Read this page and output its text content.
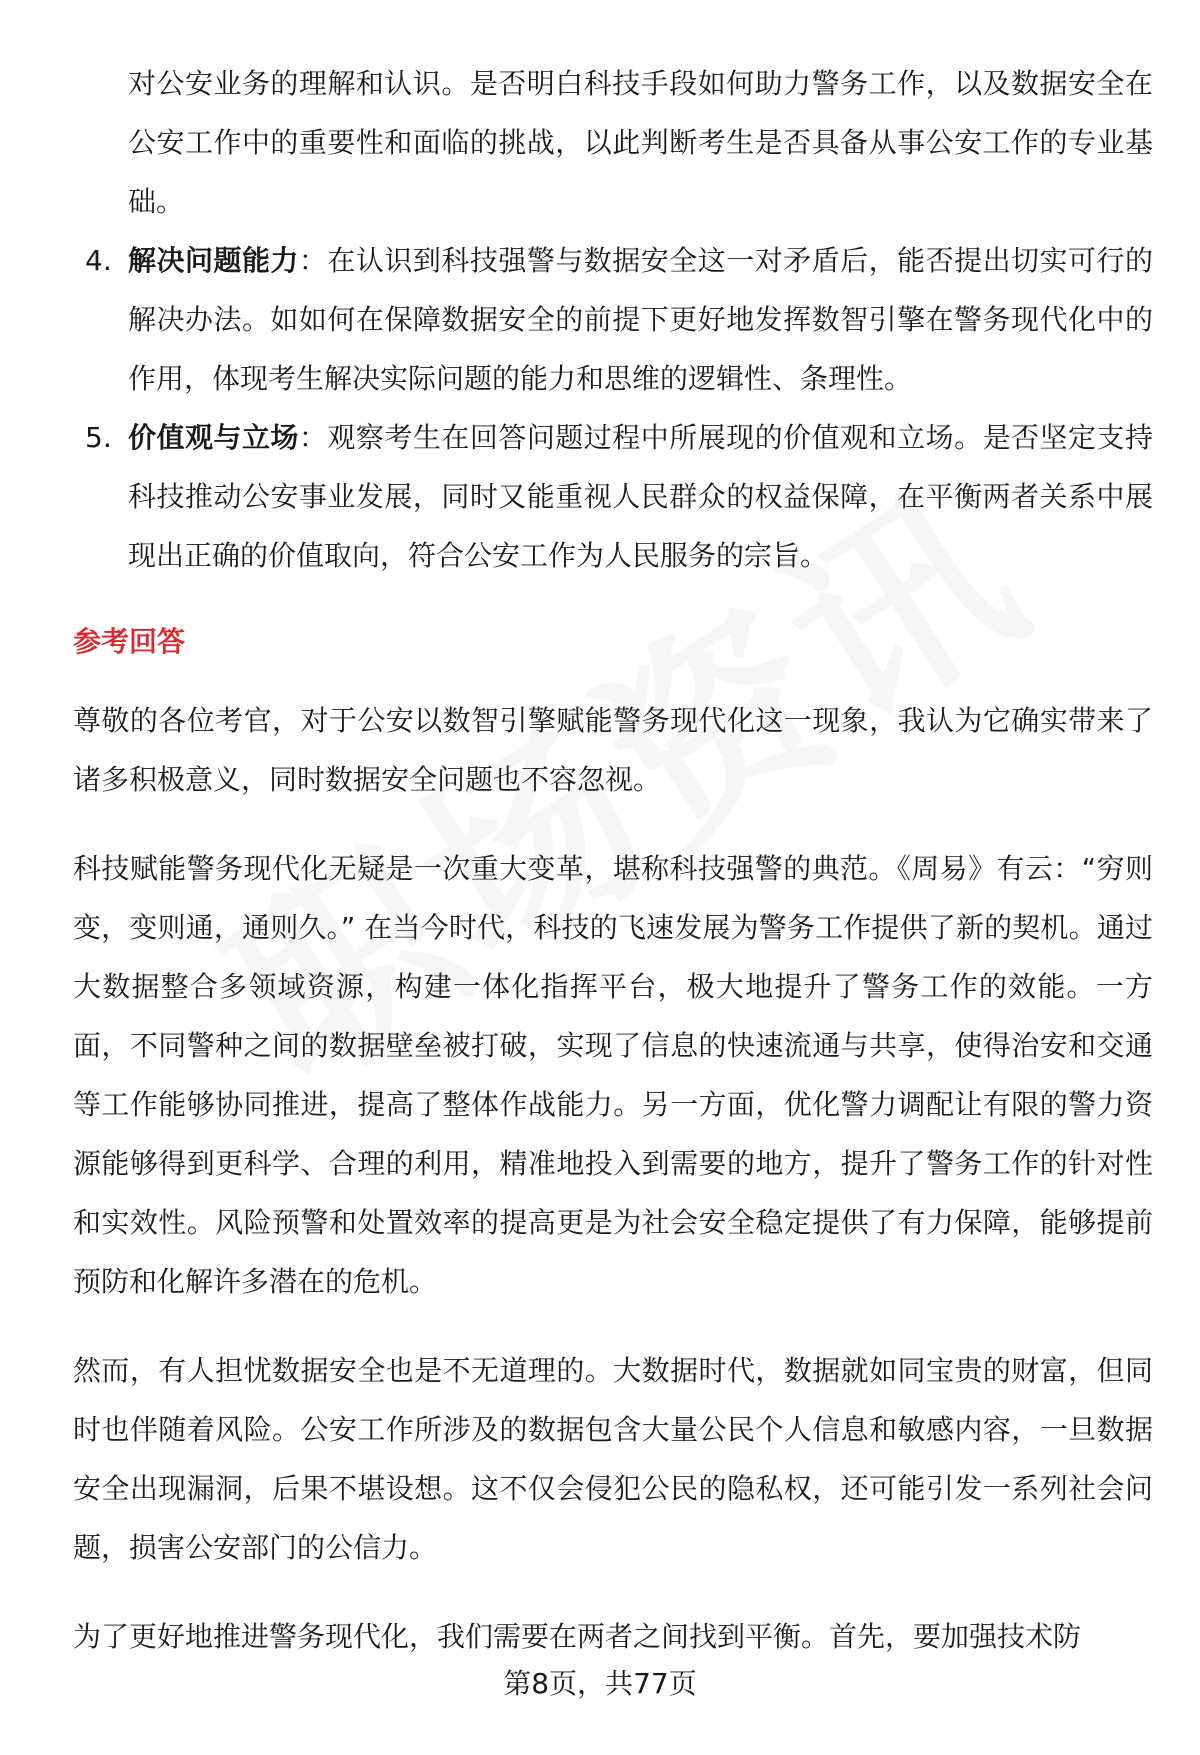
对公安业务的理解和认识。是否明白科技手段如何助力警务工作，以及数据安全在公安工作中的重要性和面临的挑战，以此判断考生是否具备从事公安工作的专业基础。

4. 解决问题能力：在认识到科技强警与数据安全这一对矛盾后，能否提出切实可行的解决办法。如如何在保障数据安全的前提下更好地发挥数智引擎在警务现代化中的作用，体现考生解决实际问题的能力和思维的逻辑性、条理性。
5. 价值观与立场：观察考生在回答问题过程中所展现的价值观和立场。是否坚定支持科技推动公安事业发展，同时又能重视人民群众的权益保障，在平衡两者关系中展现出正确的价值取向，符合公安工作为人民服务的宗旨。
参考回答

尊敬的各位考官，对于公安以数智引擎赋能警务现代化这一现象，我认为它确实带来了诸多积极意义，同时数据安全问题也不容忽视。

科技赋能警务现代化无疑是一次重大变革，堪称科技强警的典范。《周易》有云：“穷则变，变则通，通则久。” 在当今时代，科技的飞速发展为警务工作提供了新的契机。通过大数据整合多领域资源，构建一体化指挥平台，极大地提升了警务工作的效能。一方面，不同警种之间的数据壁垒被打破，实现了信息的快速流通与共享，使得治安和交通等工作能够协同推进，提高了整体作战能力。另一方面，优化警力调配让有限的警力资源能够得到更科学、合理的利用，精准地投入到需要的地方，提升了警务工作的针对性和实效性。风险预警和处置效率的提高更是为社会安全稳定提供了有力保障，能够提前预防和化解许多潜在的危机。

然而，有人担忧数据安全也是不无道理的。大数据时代，数据就如同宝贵的财富，但同时也伴随着风险。公安工作所涉及的数据包含大量公民个人信息和敏感内容，一旦数据安全出现漏洞，后果不堪设想。这不仅会侵犯公民的隐私权，还可能引发一系列社会问题，损害公安部门的公信力。

为了更好地推进警务现代化，我们需要在两者之间找到平衡。首先，要加强技术防

第8页，共77页
